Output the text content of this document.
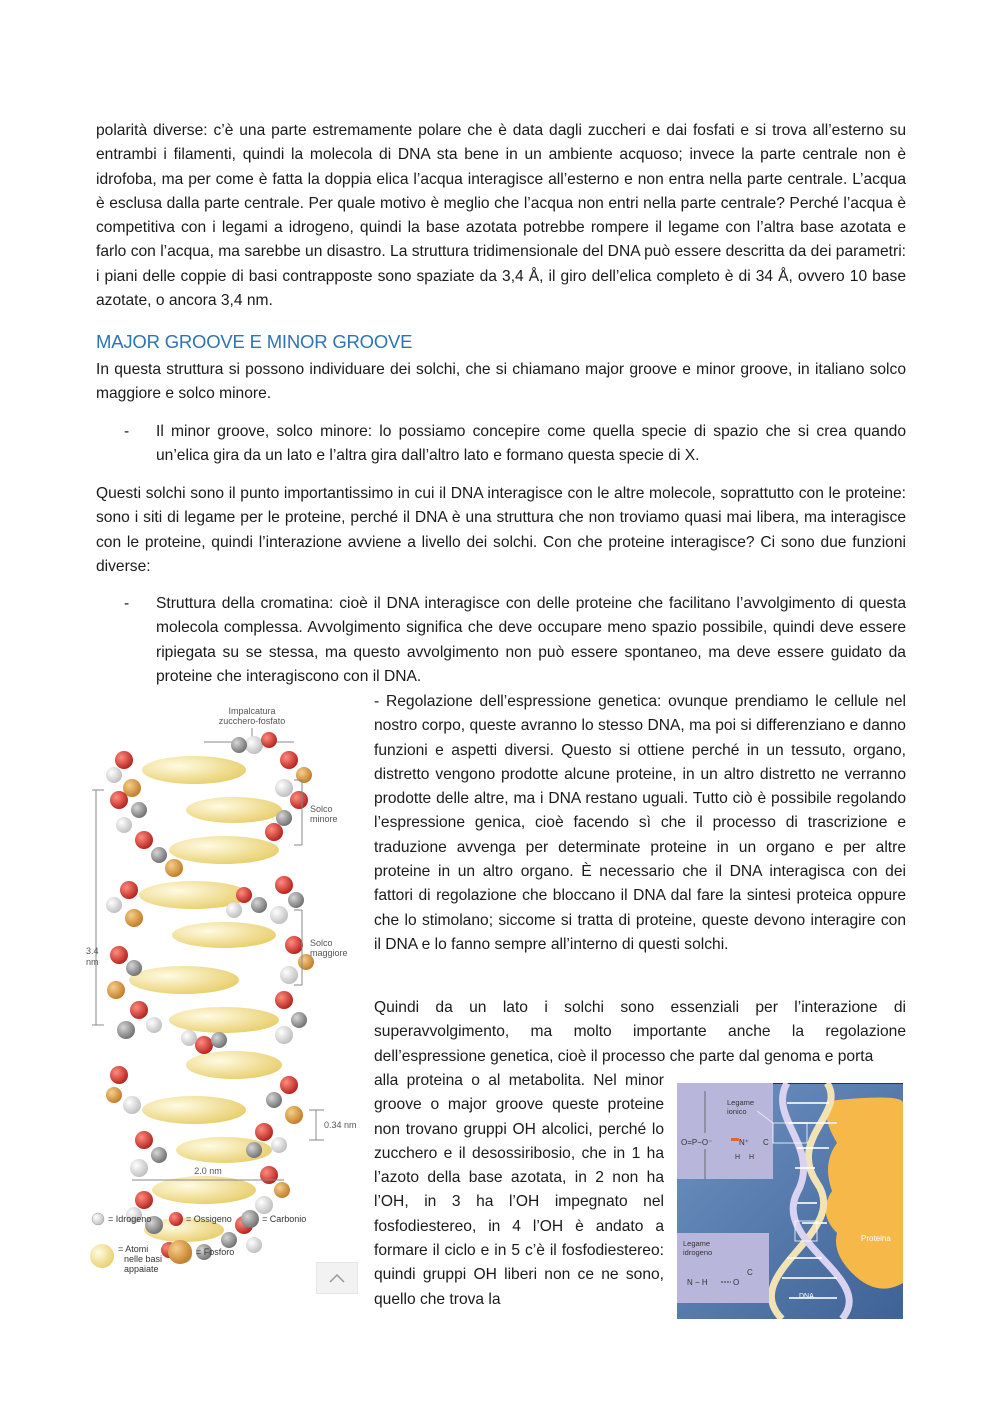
polarità diverse: c’è una parte estremamente polare che è data dagli zuccheri e dai fosfati e si trova all’esterno su entrambi i filamenti, quindi la molecola di DNA sta bene in un ambiente acquoso; invece la parte centrale non è idrofoba, ma per come è fatta la doppia elica l’acqua interagisce all’esterno e non entra nella parte centrale. L’acqua è esclusa dalla parte centrale. Per quale motivo è meglio che l’acqua non entri nella parte centrale? Perché l’acqua è competitiva con i legami a idrogeno, quindi la base azotata potrebbe rompere il legame con l’altra base azotata e farlo con l’acqua, ma sarebbe un disastro. La struttura tridimensionale del DNA può essere descritta da dei parametri: i piani delle coppie di basi contrapposte sono spaziate da 3,4 Å, il giro dell’elica completo è di 34 Å, ovvero 10 base azotate, o ancora 3,4 nm.

MAJOR GROOVE E MINOR GROOVE

In questa struttura si possono individuare dei solchi, che si chiamano major groove e minor groove, in italiano solco maggiore e solco minore.

- Il minor groove, solco minore: lo possiamo concepire come quella specie di spazio che si crea quando un’elica gira da un lato e l’altra gira dall’altro lato e formano questa specie di X.

Questi solchi sono il punto importantissimo in cui il DNA interagisce con le altre molecole, soprattutto con le proteine: sono i siti di legame per le proteine, perché il DNA è una struttura che non troviamo quasi mai libera, ma interagisce con le proteine, quindi l’interazione avviene a livello dei solchi. Con che proteine interagisce? Ci sono due funzioni diverse:

- Struttura della cromatina: cioè il DNA interagisce con delle proteine che facilitano l’avvolgimento di questa molecola complessa. Avvolgimento significa che deve occupare meno spazio possibile, quindi deve essere ripiegata su se stessa, ma questo avvolgimento non può essere spontaneo, ma deve essere guidato da proteine che interagiscono con il DNA.

- Regolazione dell’espressione genetica: ovunque prendiamo le cellule nel nostro corpo, queste avranno lo stesso DNA, ma poi si differenziano e danno funzioni e aspetti diversi. Questo si ottiene perché in un tessuto, organo, distretto vengono prodotte alcune proteine, in un altro distretto ne verranno prodotte delle altre, ma i DNA restano uguali. Tutto ciò è possibile regolando l’espressione genica, cioè facendo sì che il processo di trascrizione e traduzione avvenga per determinate proteine in un organo e per altre proteine in un altro organo. È necessario che il DNA interagisca con dei fattori di regolazione che bloccano il DNA dal fare la sintesi proteica oppure che lo stimolano; siccome si tratta di proteine, queste devono interagire con il DNA e lo fanno sempre all’interno di questi solchi.

Quindi da un lato i solchi sono essenziali per l’interazione di superavvolgimento, ma molto importante anche la regolazione dell’espressione genetica, cioè il processo che parte dal genoma e porta

alla proteina o al metabolita. Nel minor groove o major groove queste proteine non trovano gruppi OH alcolici, perché lo zucchero e il desossiribosio, che in 1 ha l’azoto della base azotata, in 2 non ha l’OH, in 3 ha l’OH impegnato nel fosfodiestereo, in 4 l’OH è andato a formare il ciclo e in 5 c’è il fosfodiestereo: quindi gruppi OH liberi non ce ne sono, quello che trova la

Impalcatura
zucchero-fosfato
3.4
nm
Solco
minore
Solco
maggiore
0.34 nm
2.0 nm
= Idrogeno	= Ossigeno	= Carbonio
= Atomi
nelle basi
appaiate
= Fosforo
Proteina
DNA
Legame
ionico
O=P−O⁻	N⁺ C
H H
Legame
idrogeno
N − H	O
C
